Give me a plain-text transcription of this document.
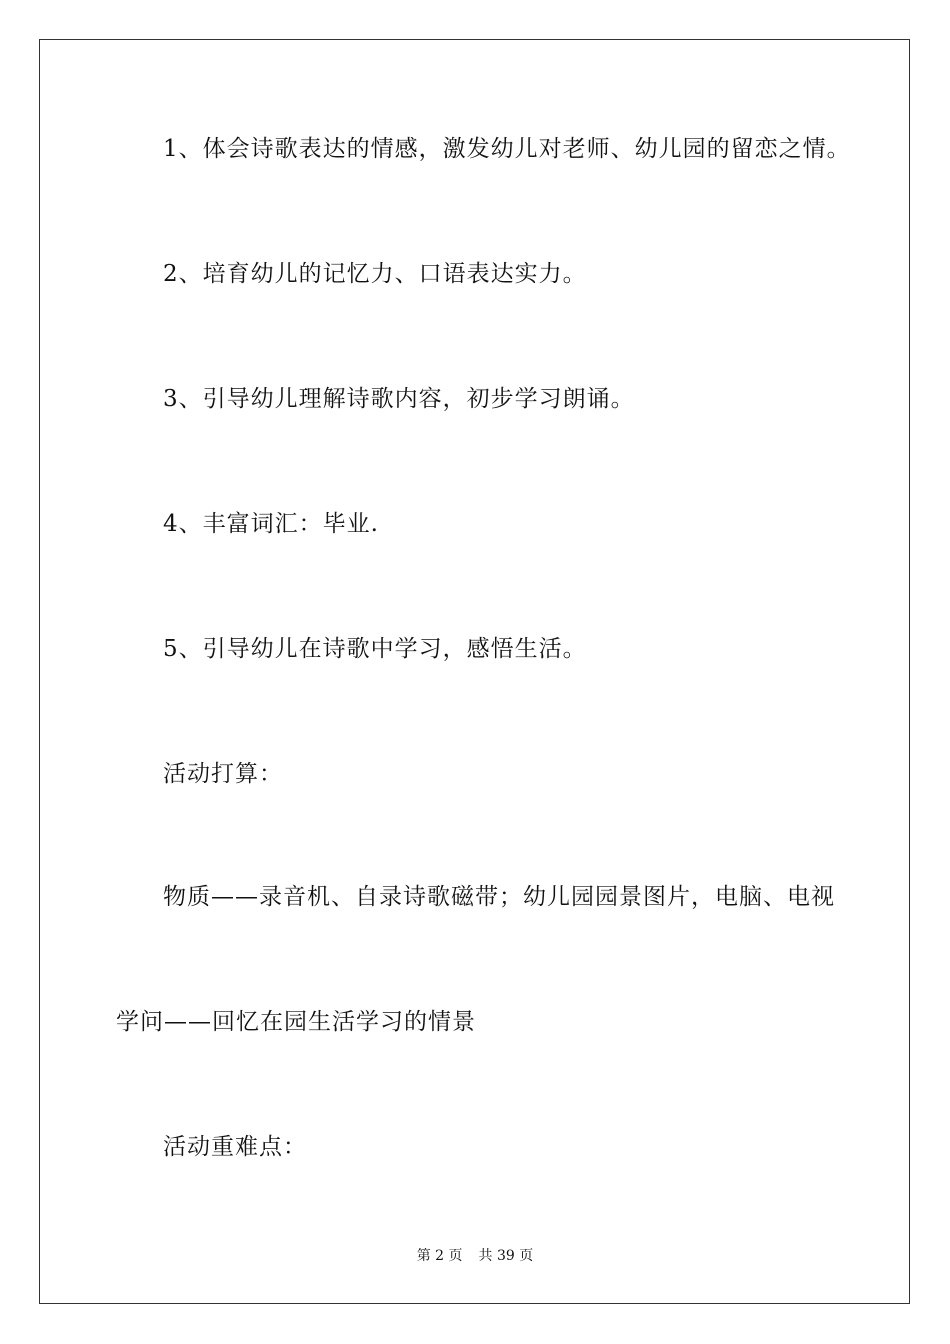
1、体会诗歌表达的情感，激发幼儿对老师、幼儿园的留恋之情。
2、培育幼儿的记忆力、口语表达实力。
3、引导幼儿理解诗歌内容，初步学习朗诵。
4、丰富词汇：毕业.
5、引导幼儿在诗歌中学习，感悟生活。
活动打算：
物质——录音机、自录诗歌磁带；幼儿园园景图片，电脑、电视
学问——回忆在园生活学习的情景
活动重难点：
第 2 页 共 39 页
